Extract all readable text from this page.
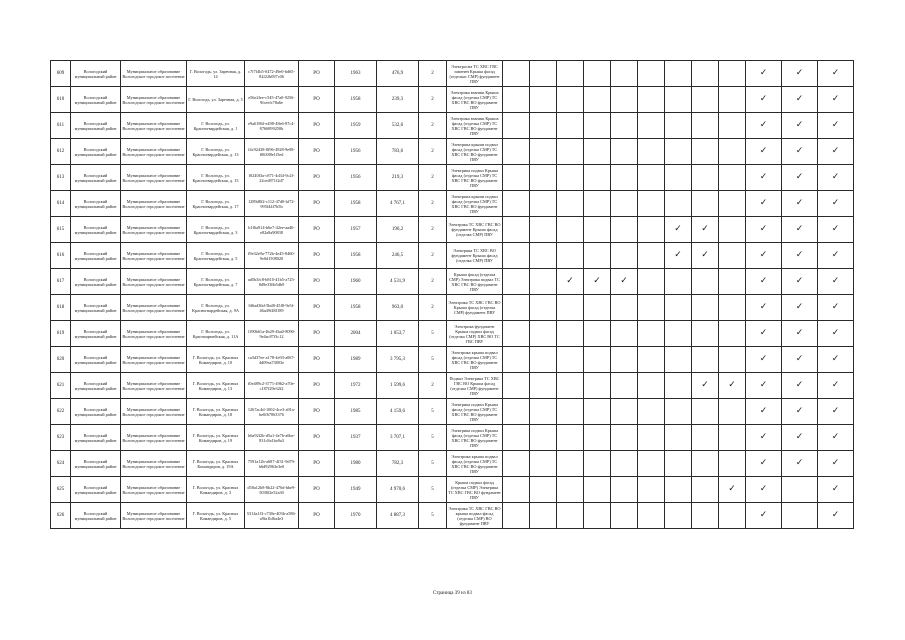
609	Вологодский муниципальный район	Муниципальное образование Вологодское городское поселение	Г. Вологодь, ул. Заречная, д. 14	c7f7f4b5-0472-49e0-bd65-82f22b097c06	РО	1963	476,9	2	Электросна ТС ХВС ГВС заменен Крыша фасад (отделкас СМР) фундамент ПВУ										✓	✓	✓
610	Вологодский муниципальный район	Муниципальное образование Вологодское городское поселение	Г. Вологодь, ул. Заречная, д. 5	e56e2fee-c545-47a0-9256-9fceefc78a6e	РО	1958	239,3	2	Электрика взаниш Крыша фасад (отделка СМР) ТС ХВС ГВС ВО фундамент ПВУ										✓	✓	✓
611	Вологодский муниципальный район	Муниципальное образование Вологодское городское поселение	Г. Вологодь, ул. Красногвардейская, д. 1	e9a6186f-e498-48e6-87c4-8766899250b	РО	1959	532,6	2	Электрика взаниш Крыша фасад (отделка СМР) ТС ХВС ГВС ВО фундамент ПВУ										✓	✓	✓
612	Вологодский муниципальный район	Муниципальное образование Вологодское городское поселение	Г. Вологодь, ул. Красногвардейская, д. 13	f4c92438-8f96-4928-9e98-f06388e1f5ed	РО	1956	783,6	2	Электрика крыши подвал фасад (отделка СМР) ТС ХВС ГВС ВО фундамент ПВУ										✓	✓	✓
613	Вологодский муниципальный район	Муниципальное образование Вологодское городское поселение	Г. Вологодь, ул. Красногвардейская, д. 15	f0240f3a-c871-4d34-9c2f-22ced871f2d7	РО	1956	219,3	2	Электрика подвал Крыша фасад (отделка СМР) ТС ХВС ГВС ВО фундамент ПВУ										✓	✓	✓
614	Вологодский муниципальный район	Муниципальное образование Вологодское городское поселение	Г. Вологодь, ул. Красногвардейская, д. 17	1289d8f2-c112-47d0-bf72-995f44f7b5b	РО	1958	4 767,1	2	Электрика крыши подвал фасад (отделка СМР) ТС ХВС ГВС ВО фундамент ПВУ										✓	✓	✓
615	Вологодский муниципальный район	Муниципальное образование Вологодское городское поселение	Г. Вологодь, ул. Красногвардейская, д. 3	b1f6a914-b6e7-42ee-aa46-e82a8a90838	РО	1957	190,2	2	Электрика ТС ХВС ГВС ВО фундамент Крыша фасад (отделка СМР) ПВУ							✓	✓		✓	✓	✓
616	Вологодский муниципальный район	Муниципальное образование Вологодское городское поселение	Г. Вологодь, ул. Красногвардейская, д. 5	f9e32e9a-772b-4e45-8460-9e0d1508020	РО	1958	246,5	2	Электрика ТС ХВС ВО фундамент Крыша фасад (отделка СМР) ПВУ							✓	✓		✓	✓	✓
617	Вологодский муниципальный район	Муниципальное образование Вологодское городское поселение	Г. Вологодь, ул. Красногвардейская, д. 7	ad5b3fc8-b810-41b5-a725-8d9e336b5db9	РО	1960	4 531,9	2	Крыша фасад (отделка СМР) Электрика подвал ТС ХВС ГВС ВО фундамент ПВУ			✓	✓	✓					✓	✓	✓
618	Вологодский муниципальный район	Муниципальное образование Вологодское городское поселение	Г. Вологодь, ул. Красногвардейская, д. 9А	6f6ad36d-5bd8-45f8-9e5f-46a49f48f189	РО	1958	963,0	2	Электрика ТС ХВС ГВС ВО Крыша фасад (отделка СМР) фундамент ПВУ										✓	✓	✓
619	Вологодский муниципальный район	Муниципальное образование Вологодское городское поселение	Г. Вологодь, ул. Красноармейская, д. 11А	1f90b61a-4b29-4ba0-8090-9e4ac87f3c12	РО	2004	1 053,7	5	Электрика фундамент Крыша подвал фасад (отделка СМР) ХВС ВО ТС ГВС ПВУ										✓	✓	✓
620	Вологодский муниципальный район	Муниципальное образование Вологодское городское поселение	Г. Вологодь, ул. Красных Командиров, д. 10	ca3d37ee-a178-4e93-a067-4d09ea73803e	РО	1989	3 795,3	5	Электрика крыша подвал фасад (отделка СМР) ТС ХВС ГВС ВО фундамент ПВУ										✓	✓	✓
621	Вологодский муниципальный район	Муниципальное образование Вологодское городское поселение	Г. Вологодь, ул. Красных Командиров, д. 13	f0e489c2-3771-4962-a70e-c187f29e32f2	РО	1972	1 599,6	2	Подвал Электрика ТС ХВС ГВС ВО Крыша фасад (отделка СМР) фундамент ПВУ								✓	✓	✓	✓	✓
622	Вологодский муниципальный район	Муниципальное образование Вологодское городское поселение	Г. Вологодь, ул. Красных Командиров, д. 18	1267ac4d-1002-4ce3-a91a-be0f67063376	РО	1985	4 159,6	5	Электрика подвал Крыша фасад (отделка СМР) ТС ХВС ГВС ВО фундамент ПВУ										✓	✓	✓
623	Вологодский муниципальный район	Муниципальное образование Вологодское городское поселение	Г. Вологодь, ул. Красных Командиров, д. 19	b6a92f2b-d5a1-4e7b-a6be-831c8a1ba9a3	РО	1937	3 707,1	5	Электрика подвал Крыша фасад (отделка СМР) ТС ХВС ГВС ВО фундамент ПВУ										✓	✓	✓
624	Вологодский муниципальный район	Муниципальное образование Вологодское городское поселение	Г. Вологодь, ул. Красных Командиров, д. 19А	7591a12b-a687-4f31-9d79-b6d92963e3e0	РО	1980	782,3	5	Электрика крыша подвал фасад (отделка СМР) ТС ХВС ГВС ВО фундамент ПВУ										✓	✓	✓
625	Вологодский муниципальный район	Муниципальное образование Вологодское городское поселение	Г. Вологодь, ул. Красных Командиров, д. 3	d58a12b8-8b22-476d-bbe9-5038f2e52a30	РО	1949	4 970,6	5	Крыша подвал фасад (отделка СМР) Электрика ТС ХВС ГВС ВО фундамент ПВУ									✓	✓		✓
626	Вологодский муниципальный район	Муниципальное образование Вологодское городское поселение	Г. Вологодь, ул. Красных Командиров, д. 5	5314a1f3-c730e-403b-a586-a9fa1bf6a4e3	РО	1970	4 887,3	5	Электрика ТС ХВС ГВС ВО крыша подвал фасад (отделка СМР) ВО фундамент ПВУ										✓		✓
Страница 39 из 83
